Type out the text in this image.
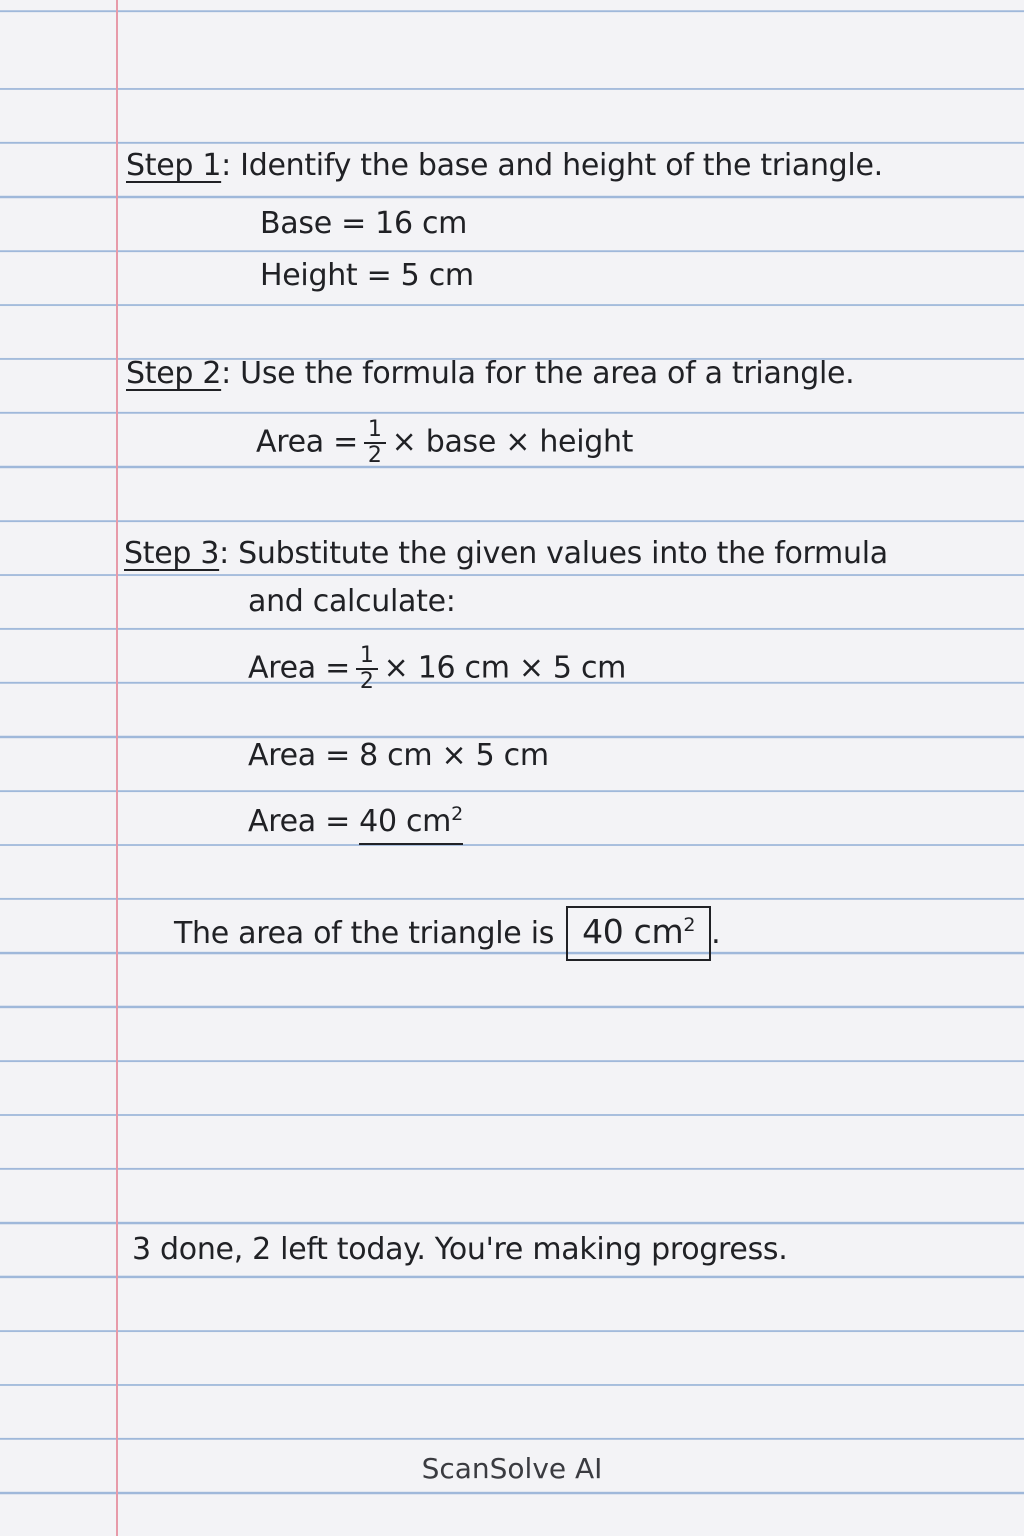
Step 1: Identify the base and height of the triangle.
Base = 16 cm
Height = 5 cm
Step 2: Use the formula for the area of a triangle.
Area = $\frac{1}{2}$ × base × height
Step 3: Substitute the given values into the formula
and calculate:
Area = $\frac{1}{2} \times 16$ cm × 5 cm
Area = 8 cm × 5 cm
Area = 40 $cm^2$
The area of the triangle is 40 $cm^2$ .
3 done, 2 left today. You're making progress.
ScanSolve AI
